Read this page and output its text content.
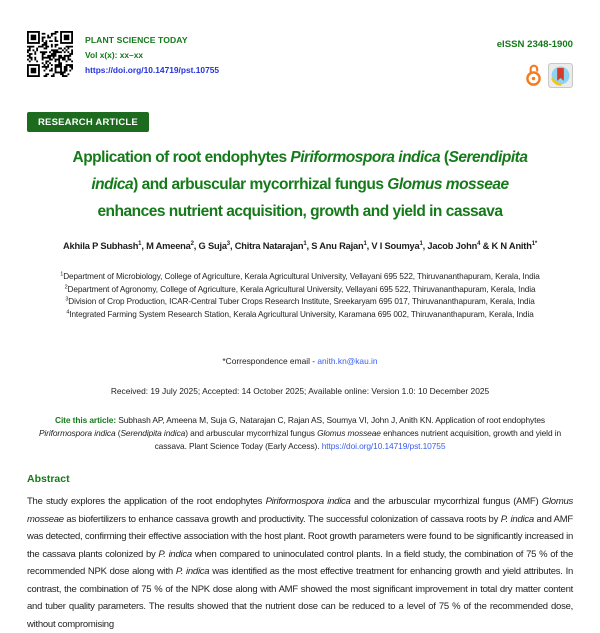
PLANT SCIENCE TODAY
Vol x(x): xx–xx
https://doi.org/10.14719/pst.10755
eISSN 2348-1900
RESEARCH ARTICLE
Application of root endophytes Piriformospora indica (Serendipita
indica) and arbuscular mycorrhizal fungus Glomus mosseae
enhances nutrient acquisition, growth and yield in cassava
Akhila P Subhash$^1$, M Ameena$^2$, G Suja$^3$, Chitra Natarajan$^1$, S Anu Rajan$^1$, V I Soumya$^1$, Jacob John$^4$ & K N Anith$^{1*}$
$^1$Department of Microbiology, College of Agriculture, Kerala Agricultural University, Vellayani 695 522, Thiruvananthapuram, Kerala, India
$^2$Department of Agronomy, College of Agriculture, Kerala Agricultural University, Vellayani 695 522, Thiruvananthapuram, Kerala, India
$^3$Division of Crop Production, ICAR-Central Tuber Crops Research Institute, Sreekaryam 695 017, Thiruvananthapuram, Kerala, India
$^4$Integrated Farming System Research Station, Kerala Agricultural University, Karamana 695 002, Thiruvananthapuram, Kerala, India
*Correspondence email - anith.kn@kau.in
Received: 19 July 2025; Accepted: 14 October 2025; Available online: Version 1.0: 10 December 2025
Cite this article: Subhash AP, Ameena M, Suja G, Natarajan C, Rajan AS, Soumya VI, John J, Anith KN. Application of root endophytes Piriformospora indica (Serendipita indica) and arbuscular mycorrhizal fungus Glomus mosseae enhances nutrient acquisition, growth and yield in cassava. Plant Science Today (Early Access). https://doi.org/10.14719/pst.10755
Abstract

The study explores the application of the root endophytes Piriformospora indica and the arbuscular mycorrhizal fungus (AMF) Glomus mosseae as biofertilizers to enhance cassava growth and productivity. The successful colonization of cassava roots by P. indica and AMF was detected, confirming their effective association with the host plant. Root growth parameters were found to be significantly increased in the cassava plants colonized by P. indica when compared to uninoculated control plants. In a field study, the combination of 75 % of the recommended NPK dose along with P. indica was identified as the most effective treatment for enhancing growth and yield attributes. In contrast, the combination of 75 % of the NPK dose along with AMF showed the most significant improvement in total dry matter content and tuber quality parameters. The results showed that the nutrient dose can be reduced to a level of 75 % of the recommended dose, without compromising
